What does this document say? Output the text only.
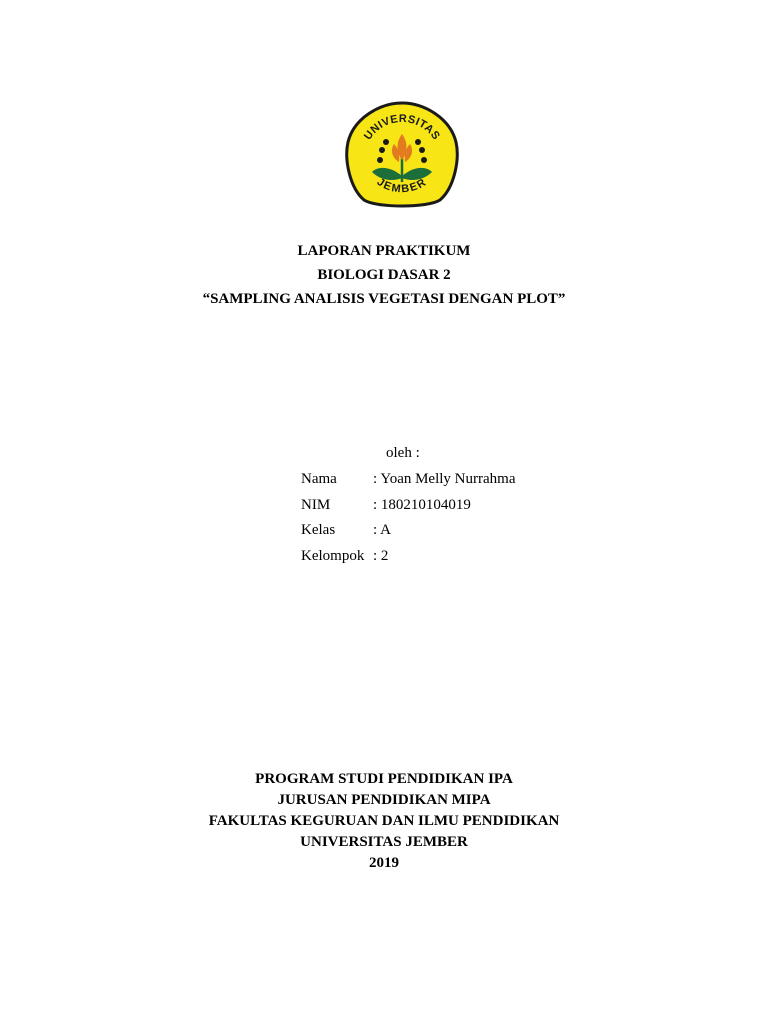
UNIVERSITAS
JEMBER
LAPORAN PRAKTIKUM
BIOLOGI DASAR 2
“SAMPLING ANALISIS VEGETASI DENGAN PLOT”
oleh :
Nama	: Yoan Melly Nurrahma
NIM	: 180210104019
Kelas	: A
Kelompok : 2
PROGRAM STUDI PENDIDIKAN IPA
JURUSAN PENDIDIKAN MIPA
FAKULTAS KEGURUAN DAN ILMU PENDIDIKAN
UNIVERSITAS JEMBER
2019
